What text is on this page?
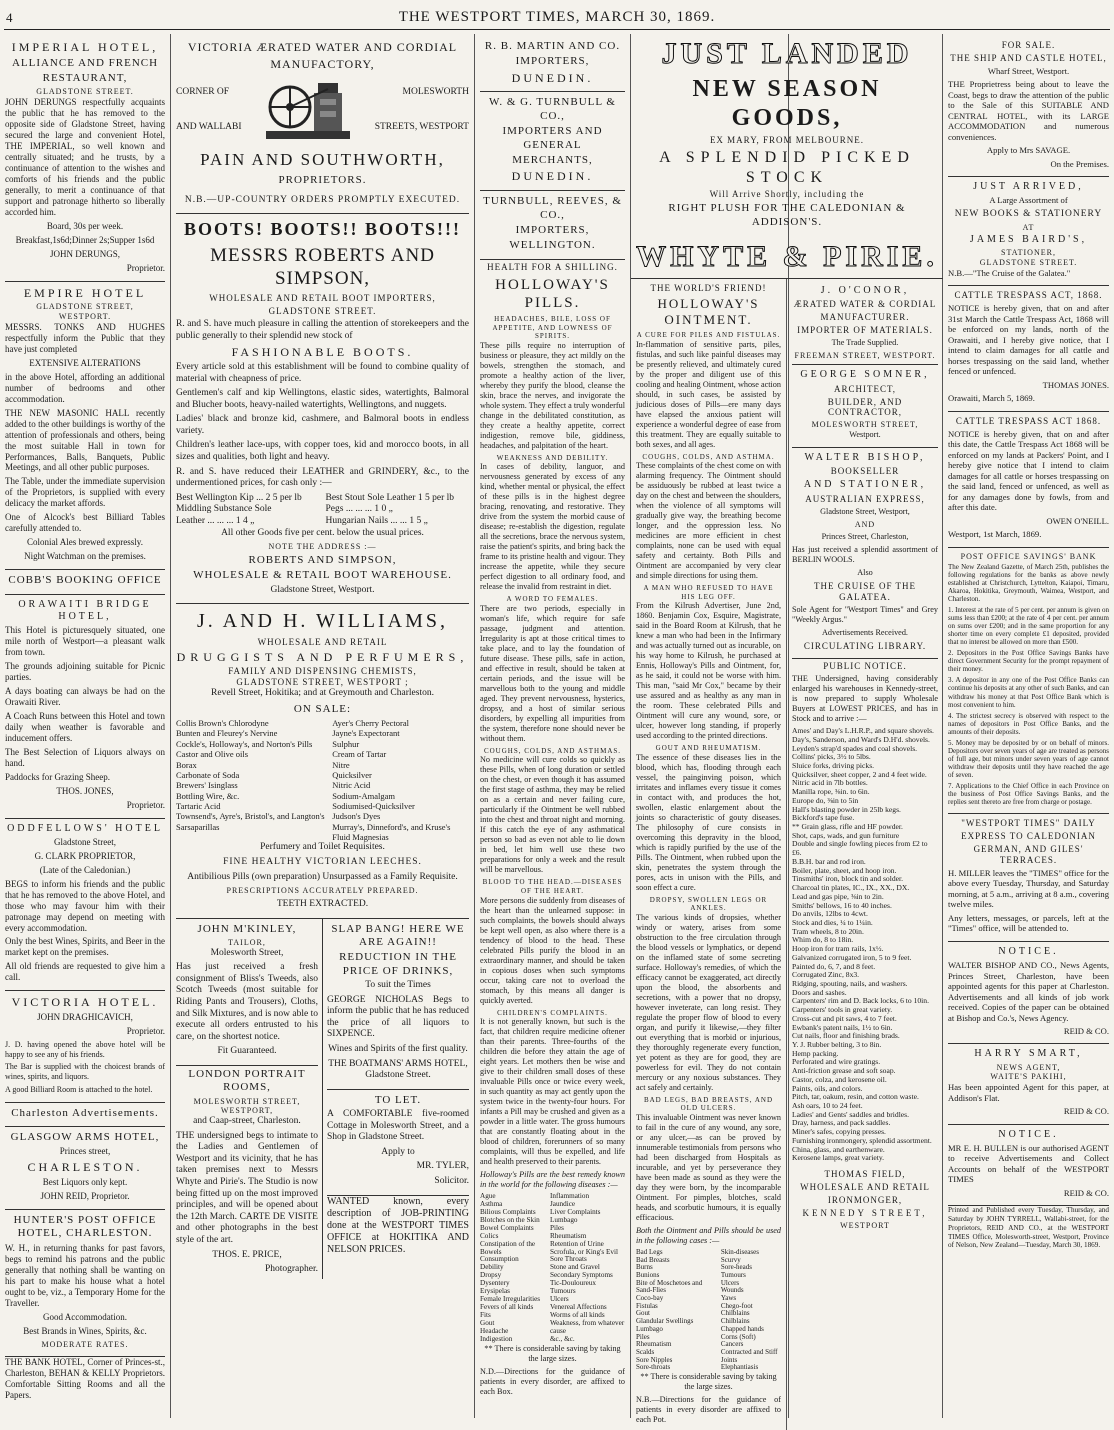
4	THE WESTPORT TIMES, MARCH 30, 1869.
IMPERIAL HOTEL,
ALLIANCE AND FRENCH
RESTAURANT,
GLADSTONE STREET.

JOHN DERUNGS respectfully acquaints the public that he has removed to the opposite side of Gladstone Street, having secured the large and convenient Hotel, THE IMPERIAL, so well known and centrally situated; and he trusts, by a continuance of attention to the wishes and comforts of his friends and the public generally, to merit a continuance of that support and patronage hitherto so liberally accorded him.

Board, 30s per week.

Breakfast,1s6d;Dinner 2s;Supper 1s6d

JOHN DERUNGS,

Proprietor.

EMPIRE HOTEL
GLADSTONE STREET,
WESTPORT.

MESSRS. TONKS AND HUGHES respectfully inform the Public that they have just completed

EXTENSIVE ALTERATIONS

in the above Hotel, affording an additional number of bedrooms and other accommodation.

THE NEW MASONIC HALL recently added to the other buildings is worthy of the attention of professionals and others, being the most suitable Hall in town for Performances, Balls, Banquets, Public Meetings, and all other public purposes.

The Table, under the immediate supervision of the Proprietors, is supplied with every delicacy the market affords.

One of Alcock's best Billiard Tables carefully attended to.

Colonial Ales brewed expressly.

Night Watchman on the premises.

COBB'S BOOKING OFFICE
ORAWAITI BRIDGE HOTEL,

This Hotel is picturesquely situated, one mile north of Westport—a pleasant walk from town.

The grounds adjoining suitable for Picnic parties.

A days boating can always be had on the Orawaiti River.

A Coach Runs between this Hotel and town daily when weather is favorable and inducement offers.

The Best Selection of Liquors always on hand.

Paddocks for Grazing Sheep.

THOS. JONES,

Proprietor.

ODDFELLOWS' HOTEL

Gladstone Street,

G. CLARK PROPRIETOR,

(Late of the Caledonian.)

BEGS to inform his friends and the public that he has removed to the above Hotel, and those who may favour him with their patronage may depend on meeting with every accommodation.

Only the best Wines, Spirits, and Beer in the market kept on the premises.

All old friends are requested to give him a call.

VICTORIA HOTEL.

JOHN DRAGHICAVICH,

Proprietor.

J. D. having opened the above hotel will be happy to see any of his friends.

The Bar is supplied with the choicest brands of wines, spirits, and liquors.

A good Billiard Room is attached to the hotel.

Charleston Advertisements.
GLASGOW ARMS HOTEL,

Princes street,

CHARLESTON.

Best Liquors only kept.

JOHN REID, Proprietor.

HUNTER'S POST OFFICE HOTEL, CHARLESTON.

W. H., in returning thanks for past favors, begs to remind his patrons and the public generally that nothing shall be wanting on his part to make his house what a hotel ought to be, viz., a Temporary Home for the Traveller.

Good Accommodation.

Best Brands in Wines, Spirits, &c.

MODERATE RATES.

THE BANK HOTEL, Corner of Princes-st., Charleston, BEHAN & KELLY Proprietors. Comfortable Sitting Rooms and all the Papers.

VICTORIA ÆRATED WATER AND CORDIAL
MANUFACTORY,
CORNER OF
AND WALLABI
MOLESWORTH
STREETS, WESTPORT
PAIN AND SOUTHWORTH,
PROPRIETORS.
N.B.—UP-COUNTRY ORDERS PROMPTLY EXECUTED.
BOOTS! BOOTS!! BOOTS!!!
MESSRS ROBERTS AND SIMPSON,
WHOLESALE AND RETAIL BOOT IMPORTERS,
GLADSTONE STREET.

R. and S. have much pleasure in calling the attention of storekeepers and the public generally to their splendid new stock of

FASHIONABLE BOOTS.

Every article sold at this establishment will be found to combine quality of material with cheapness of price.

Gentlemen's calf and kip Wellingtons, elastic sides, watertights, Balmoral and Blucher boots, heavy-nailed watertights, Wellingtons, and nuggets.

Ladies' black and bronze kid, cashmere, and Balmoral boots in endless variety.

Children's leather lace-ups, with copper toes, kid and morocco boots, in all sizes and qualities, both light and heavy.

R. and S. have reduced their LEATHER and GRINDERY, &c., to the undermentioned prices, for cash only :—

Best Wellington Kip ... 2 5 per lb
Middling Substance Sole
Leather ... ... ... 1 4 „
Best Stout Sole Leather 1 5 per lb
Pegs ... ... ... 1 0 „
Hungarian Nails ... ... 1 5 „

All other Goods five per cent. below the usual prices.

NOTE THE ADDRESS :—
ROBERTS AND SIMPSON,
WHOLESALE & RETAIL BOOT WAREHOUSE.

Gladstone Street, Westport.

J. AND H. WILLIAMS,
WHOLESALE AND RETAIL
DRUGGISTS AND PERFUMERS,
FAMILY AND DISPENSING CHEMISTS,
GLADSTONE STREET, WESTPORT ;

Revell Street, Hokitika; and at Greymouth and Charleston.

ON SALE:
Collis Brown's Chlorodyne
Bunten and Fleurey's Nervine
Cockle's, Holloway's, and Norton's Pills
Castor and Olive oils
Borax
Carbonate of Soda
Brewers' Isinglass
Bottling Wire, &c.
Tartaric Acid
Townsend's, Ayre's, Bristol's, and Langton's Sarsaparillas
Ayer's Cherry Pectoral
Jayne's Expectorant
Sulphur
Cream of Tartar
Nitre
Quicksilver
Nitric Acid
Sodium-Amalgam
Sodiumised-Quicksilver
Judson's Dyes
Murray's, Dinneford's, and Kruse's Fluid Magnesias

Perfumery and Toilet Requisites.

FINE HEALTHY VICTORIAN LEECHES.

Antibilious Pills (own preparation) Unsurpassed as a Family Requisite.

PRESCRIPTIONS ACCURATELY PREPARED.

TEETH EXTRACTED.

JOHN M'KINLEY,
TAILOR,

Molesworth Street,

Has just received a fresh consignment of Bliss's Tweeds, also Scotch Tweeds (most suitable for Riding Pants and Trousers), Cloths, and Silk Mixtures, and is now able to execute all orders entrusted to his care, on the shortest notice.

Fit Guaranteed.

LONDON PORTRAIT ROOMS,
MOLESWORTH STREET, WESTPORT,

and Caap-street, Charleston.

THE undersigned begs to intimate to the Ladies and Gentlemen of Westport and its vicinity, that he has taken premises next to Messrs Whyte and Pirie's. The Studio is now being fitted up on the most improved principles, and will be opened about the 12th March. CARTE DE VISITE and other photographs in the best style of the art.

THOS. E. PRICE,

Photographer.

SLAP BANG! HERE WE ARE AGAIN!!
REDUCTION IN THE PRICE OF DRINKS,

To suit the Times

GEORGE NICHOLAS Begs to inform the public that he has reduced the price of all liquors to SIXPENCE.

Wines and Spirits of the first quality.

THE BOATMANS' ARMS HOTEL, Gladstone Street.

TO LET.

A COMFORTABLE five-roomed Cottage in Molesworth Street, and a Shop in Gladstone Street.

Apply to

MR. TYLER,

Solicitor.

WANTED known, every description of JOB-PRINTING done at the WESTPORT TIMES OFFICE at HOKITIKA AND NELSON PRICES.

R. B. MARTIN AND CO.
IMPORTERS,
DUNEDIN.
W. & G. TURNBULL & CO.,
IMPORTERS AND GENERAL
MERCHANTS,
DUNEDIN.
TURNBULL, REEVES, & CO.,
IMPORTERS,
WELLINGTON.
HEALTH FOR A SHILLING.
HOLLOWAY'S PILLS.
HEADACHES, BILE, LOSS OF APPETITE, AND LOWNESS OF SPIRITS.

These pills require no interruption of business or pleasure, they act mildly on the bowels, strengthen the stomach, and promote a healthy action of the liver, whereby they purify the blood, cleanse the skin, brace the nerves, and invigorate the whole system. They effect a truly wonderful change in the debilitated constitution, as they create a healthy appetite, correct indigestion, remove bile, giddiness, headaches, and palpitation of the heart.

WEAKNESS AND DEBILITY.

In cases of debility, languor, and nervousness generated by excess of any kind, whether mental or physical, the effect of these pills is in the highest degree bracing, renovating, and restorative. They drive from the system the morbid cause of disease; re-establish the digestion, regulate all the secretions, brace the nervous system, raise the patient's spirits, and bring back the frame to its pristine health and vigour. They increase the appetite, while they secure perfect digestion to all ordinary food, and release the invalid from restraint in diet.

A WORD TO FEMALES.

There are two periods, especially in woman's life, which require for safe passage, judgment and attention. Irregularity is apt at those critical times to take place, and to lay the foundation of future disease. These pills, safe in action, and effective in result, should be taken at certain periods, and the issue will be marvellous both to the young and middle aged. They prevent nervousness, hysterics, dropsy, and a host of similar serious disorders, by expelling all impurities from the system, therefore none should never be without them.

COUGHS, COLDS, AND ASTHMAS.

No medicine will cure colds so quickly as these Pills, when of long duration or settled on the chest, or even though it has assumed the first stage of asthma, they may be relied on as a certain and never failing cure, particularly if the Ointment be well rubbed into the chest and throat night and morning. If this catch the eye of any asthmatical person so bad as even not able to lie down in bed, let him well use these two preparations for only a week and the result will be marvellous.

BLOOD TO THE HEAD.—DISEASES OF THE HEART.

More persons die suddenly from diseases of the heart than the unlearned suppose: in such complaints, the bowels should always be kept well open, as also where there is a tendency of blood to the head. These celebrated Pills purify the blood in an extraordinary manner, and should be taken in copious doses when such symptoms occur, taking care not to overload the stomach, by this means all danger is quickly averted.

CHILDREN'S COMPLAINTS.

It is not generally known, but such is the fact, that children require medicine oftener than their parents. Three-fourths of the children die before they attain the age of eight years. Let mothers then be wise and give to their children small doses of these invaluable Pills once or twice every week, in such quantity as may act gently upon the system twice in the twenty-four hours. For infants a Pill may be crushed and given as a powder in a little water. The gross humours that are constantly floating about in the blood of children, forerunners of so many complaints, will thus be expelled, and life and health preserved to their parents.

Holloway's Pills are the best remedy known in the world for the following diseases :—

Ague
Asthma
Bilious Complaints
Blotches on the Skin
Bowel Complaints
Colics
Constipation of the Bowels
Consumption
Debility
Dropsy
Dysentery
Erysipelas
Female Irregularities
Fevers of all kinds
Fits
Gout
Headache
Indigestion
Inflammation
Jaundice
Liver Complaints
Lumbago
Piles
Rheumatism
Retention of Urine
Scrofula, or King's Evil
Sore Throats
Stone and Gravel
Secondary Symptoms
Tic-Douloureux
Tumours
Ulcers
Venereal Affections
Worms of all kinds
Weakness, from whatever cause
&c., &c.

** There is considerable saving by taking the large sizes.

N.D.—Directions for the guidance of patients in every disorder, are affixed to each Box.

JUST LANDED
NEW SEASON GOODS,
EX MARY, FROM MELBOURNE.
A SPLENDID PICKED STOCK
Will Arrive Shortly, including the
RIGHT PLUSH FOR THE CALEDONIAN & ADDISON'S.
WHYTE & PIRIE.
THE WORLD'S FRIEND!
HOLLOWAY'S OINTMENT.
A CURE FOR PILES AND FISTULAS.

In-flammation of sensitive parts, piles, fistulas, and such like painful diseases may be presently relieved, and ultimately cured by the proper and diligent use of this cooling and healing Ointment, whose action should, in such cases, be assisted by judicious doses of Pills—ere many days have elapsed the anxious patient will experience a wonderful degree of ease from this treatment. They are equally suitable to both sexes, and all ages.

COUGHS, COLDS, AND ASTHMA.

These complaints of the chest come on with alarming frequency. The Ointment should be assiduously be rubbed at least twice a day on the chest and between the shoulders, when the violence of all symptoms will gradually give way, the breathing become longer, and the oppression less. No medicines are more efficient in chest complaints, none can be used with equal safety and certainty. Both Pills and Ointment are accompanied by very clear and simple directions for using them.

A MAN WHO REFUSED TO HAVE HIS LEG OFF.

From the Kilrush Advertiser, June 2nd, 1860. Benjamin Cox, Esquire, Magistrate, said in the Board Room at Kilrush, that he knew a man who had been in the Infirmary and was actually turned out as incurable, on his way home to Kilrush, he purchased at Ennis, Holloway's Pills and Ointment, for, as he said, it could not be worse with him. This man, "said Mr Cox," became by their use assured and as healthy as any man in the room. These celebrated Pills and Ointment will cure any wound, sore, or ulcer, however long standing, if properly used according to the printed directions.

GOUT AND RHEUMATISM.

The essence of these diseases lies in the blood, which has, flooding through each vessel, the painginving poison, which irritates and inflames every tissue it comes in contact with, and produces the hot, swollen, elastic enlargement about the joints so characteristic of gouty diseases. The philosophy of cure consists in overcoming this depravity in the blood, which is rapidly purified by the use of the Pills. The Ointment, when rubbed upon the skin, penetrates the system through the pores, acts in unison with the Pills, and soon effect a cure.

DROPSY, SWOLLEN LEGS OR ANKLES.

The various kinds of dropsies, whether windy or watery, arises from some obstruction to the free circulation through the blood vessels or lymphatics, or depend on the inflamed state of some secreting surface. Holloway's remedies, of which the efficacy cannot be exaggerated, act directly upon the blood, the absorbents and secretions, with a power that no dropsy, however inveterate, can long resist. They regulate the proper flow of blood to every organ, and purify it likewise,—they filter out everything that is morbid or injurious, they thoroughly regenerate every function, yet potent as they are for good, they are powerless for evil. They do not contain mercury or any noxious substances. They act safely and certainly.

BAD LEGS, BAD BREASTS, AND OLD ULCERS.

This invaluable Ointment was never known to fail in the cure of any wound, any sore, or any ulcer,—as can be proved by innumerable testimonials from persons who had been discharged from Hospitals as incurable, and yet by perseverance they have been made as sound as they were the day they were born, by the incomparable Ointment. For pimples, blotches, scald heads, and scorbutic humours, it is equally efficacious.

Both the Ointment and Pills should be used in the following cases :—

Bad Legs
Bad Breasts
Burns
Bunions
Bite of Moschetoes and Sand-Flies
Coco-bay
Fistulas
Gout
Glandular Swellings
Lumbago
Piles
Rheumatism
Scalds
Sore Nipples
Sore-throats
Skin-diseases
Scurvy
Sore-heads
Tumours
Ulcers
Wounds
Yaws
Chego-foot
Chilblains
Chilblains
Chapped hands
Corns (Soft)
Cancers
Contracted and Stiff Joints
Elephantiasis

** There is considerable saving by taking the large sizes.

N.B.—Directions for the guidance of patients in every disorder are affixed to each Pot.

J. O'CONOR,
ÆRATED WATER & CORDIAL
MANUFACTURER.
IMPORTER OF MATERIALS.

The Trade Supplied.

FREEMAN STREET, WESTPORT.
GEORGE SOMNER,
ARCHITECT,
BUILDER, AND CONTRACTOR,
MOLESWORTH STREET,

Westport.

WALTER BISHOP,
BOOKSELLER
AND STATIONER,
AUSTRALIAN EXPRESS,

Gladstone Street, Westport,

AND

Princes Street, Charleston,

Has just received a splendid assortment of BERLIN WOOLS.

Also

THE CRUISE OF THE GALATEA.

Sole Agent for "Westport Times" and Grey "Weekly Argus."

Advertisements Received.

CIRCULATING LIBRARY.
PUBLIC NOTICE.

THE Undersigned, having considerably enlarged his warehouses in Kennedy-street, is now prepared to supply Wholesale Buyers at LOWEST PRICES, and has in Stock and to arrive :—

Ames' and Day's L.H.R.P., and square shovels.
Day's, Sanderson, and Ward's D.H'd. shovels.
Leyden's strap'd spades and coal shovels.
Collins' picks, 3½ to 5lbs.
Sluice forks, driving picks.
Quicksilver, sheet copper, 2 and 4 feet wide.
Nitric acid in 7lb bottles.
Manilla rope, ⅜in. to 6in.
Europe do, ⅜in to 5in
Hall's blasting powder in 25lb kegs.
Bickford's tape fuse.
** Grain glass, rifle and HF powder.
Shot, caps, wads, and gun furniture
Double and single fowling pieces from £2 to £6.
B.B.H. bar and rod iron.
Boiler, plate, sheet, and hoop iron.
Tinsmiths' iron, block tin and solder.
Charcoal tin plates, IC., IX., XX., DX.
Lead and gas pipe, ⅜in to 2in.
Smiths' bellows, 16 to 40 inches.
Do anvils, 12lbs to 4cwt.
Stock and dies, ¼ to 1¼in.
Tram wheels, 8 to 20in.
Whim do, 8 to 18in.
Hoop iron for tram rails, 1x½.
Galvanized corrugated iron, 5 to 9 feet.
Painted do, 6, 7, and 8 feet.
Corrugated Zinc, 8x3.
Ridging, spouting, nails, and washers.
Doors and sashes.
Carpenters' rim and D. Back locks, 6 to 10in.
Carpenters' tools in great variety.
Cross-cut and pit saws, 4 to 7 feet.
Ewbank's patent nails, 1½ to 6in.
Cut nails, floor and finishing brads.
Y. J. Rubber belting, 3 to 8in.
Hemp packing.
Perforated and wire gratings.
Anti-friction grease and soft soap.
Castor, colza, and kerosene oil.
Paints, oils, and colors.
Pitch, tar, oakum, resin, and cotton waste.
Ash oars, 10 to 24 feet.
Ladies' and Gents' saddles and bridles.
Dray, harness, and pack saddles.
Miner's safes, copying presses.
Furnishing ironmongery, splendid assortment.
China, glass, and earthenware.
Kerosene lamps, great variety.
THOMAS FIELD,
WHOLESALE AND RETAIL
IRONMONGER,
KENNEDY STREET,
WESTPORT
FOR SALE.
THE SHIP AND CASTLE HOTEL,

Wharf Street, Westport.

THE Proprietress being about to leave the Coast, begs to draw the attention of the public to the Sale of this SUITABLE AND CENTRAL HOTEL, with its LARGE ACCOMMODATION and numerous conveniences.

Apply to Mrs SAVAGE.

On the Premises.

JUST ARRIVED,

A Large Assortment of

NEW BOOKS & STATIONERY
AT
JAMES BAIRD'S,
STATIONER,
GLADSTONE STREET.

N.B.—"The Cruise of the Galatea."

CATTLE TRESPASS ACT, 1868.

NOTICE is hereby given, that on and after 31st March the Cattle Trespass Act, 1868 will be enforced on my lands, north of the Orawaiti, and I hereby give notice, that I intend to claim damages for all cattle and horses trespassing on the said land, whether fenced or unfenced.

THOMAS JONES.

Orawaiti, March 5, 1869.

CATTLE TRESPASS ACT 1868.

NOTICE is hereby given, that on and after this date, the Cattle Trespass Act 1868 will be enforced on my lands at Packers' Point, and I hereby give notice that I intend to claim damages for all cattle or horses trespassing on the said land, fenced or unfenced, as well as for any damages done by fowls, from and after this date.

OWEN O'NEILL.

Westport, 1st March, 1869.

POST OFFICE SAVINGS' BANK

The New Zealand Gazette, of March 25th, publishes the following regulations for the banks as above newly established at Christchurch, Lyttelton, Kaiapoi, Timaru, Akaroa, Hokitika, Greymouth, Waimea, Westport, and Charleston.

1. Interest at the rate of 5 per cent. per annum is given on sums less than £200; at the rate of 4 per cent. per annum on sums over £200; and in the same proportion for any shorter time on every complete £1 deposited, provided that no interest be allowed on more than £500.

2. Depositors in the Post Office Savings Banks have direct Government Security for the prompt repayment of their money.

3. A depositor in any one of the Post Office Banks can continue his deposits at any other of such Banks, and can withdraw his money at that Post Office Bank which is most convenient to him.

4. The strictest secrecy is observed with respect to the names of depositors in Post Office Banks, and the amounts of their deposits.

5. Money may be deposited by or on behalf of minors. Depositors over seven years of age are treated as persons of full age, but minors under seven years of age cannot withdraw their deposits until they have reached the age of seven.

7. Applications to the Chief Office in each Province on the business of Post Office Savings Banks, and the replies sent thereto are free from charge or postage.

"WESTPORT TIMES" DAILY
EXPRESS TO CALEDONIAN
GERMAN, AND GILES' TERRACES.

H. MILLER leaves the "TIMES" office for the above every Tuesday, Thursday, and Saturday morning, at 5 a.m., arriving at 8 a.m., covering twelve miles.

Any letters, messages, or parcels, left at the "Times" office, will be attended to.

NOTICE.

WALTER BISHOP AND CO., News Agents, Princes Street, Charleston, have been appointed agents for this paper at Charleston. Advertisements and all kinds of job work received. Copies of the paper can be obtained at Bishop and Co.'s, News Agency.

REID & CO.

HARRY SMART,
NEWS AGENT,
WAITE'S PAKIHI,

Has been appointed Agent for this paper, at Addison's Flat.

REID & CO.

NOTICE.

MR E. H. BULLEN is our authorised AGENT to receive Advertisements and Collect Accounts on behalf of the WESTPORT TIMES

REID & CO.

Printed and Published every Tuesday, Thursday, and Saturday by JOHN TYRRELL, Wallabi-street, for the Proprietors, REID AND CO., at the WESTPORT TIMES Office, Molesworth-street, Westport, Province of Nelson, New Zealand—Tuesday, March 30, 1869.
